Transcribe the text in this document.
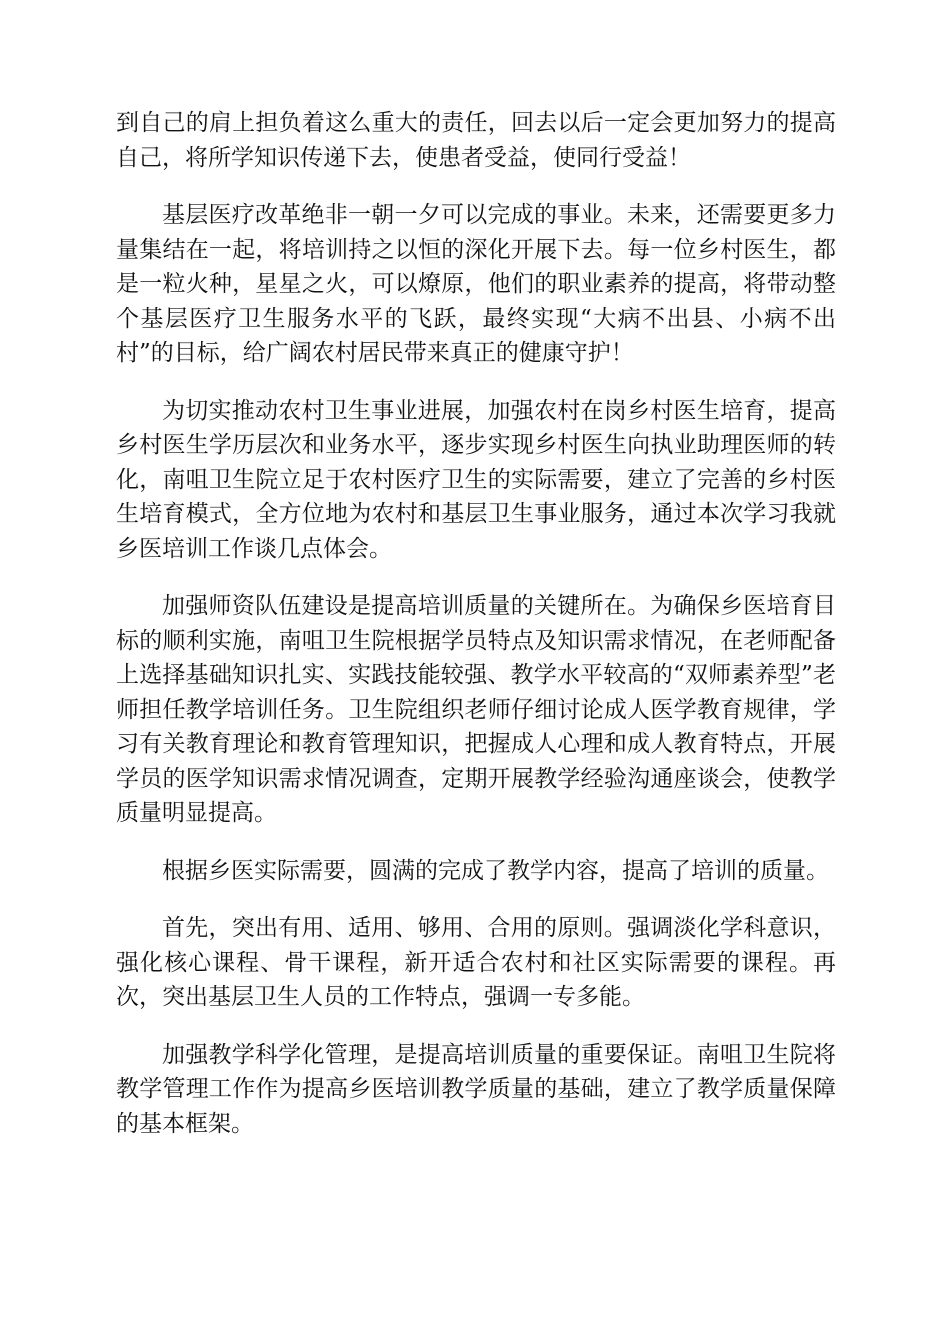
到自己的肩上担负着这么重大的责任，回去以后一定会更加努力的提高自己，将所学知识传递下去，使患者受益，使同行受益！

基层医疗改革绝非一朝一夕可以完成的事业。未来，还需要更多力量集结在一起，将培训持之以恒的深化开展下去。每一位乡村医生，都是一粒火种，星星之火，可以燎原，他们的职业素养的提高，将带动整个基层医疗卫生服务水平的飞跃，最终实现“大病不出县、小病不出村”的目标，给广阔农村居民带来真正的健康守护！

为切实推动农村卫生事业进展，加强农村在岗乡村医生培育，提高乡村医生学历层次和业务水平，逐步实现乡村医生向执业助理医师的转化，南咀卫生院立足于农村医疗卫生的实际需要，建立了完善的乡村医生培育模式，全方位地为农村和基层卫生事业服务，通过本次学习我就乡医培训工作谈几点体会。

加强师资队伍建设是提高培训质量的关键所在。为确保乡医培育目标的顺利实施，南咀卫生院根据学员特点及知识需求情况，在老师配备上选择基础知识扎实、实践技能较强、教学水平较高的“双师素养型”老师担任教学培训任务。卫生院组织老师仔细讨论成人医学教育规律，学习有关教育理论和教育管理知识，把握成人心理和成人教育特点，开展学员的医学知识需求情况调查，定期开展教学经验沟通座谈会，使教学质量明显提高。

根据乡医实际需要，圆满的完成了教学内容，提高了培训的质量。

首先，突出有用、适用、够用、合用的原则。强调淡化学科意识，强化核心课程、骨干课程，新开适合农村和社区实际需要的课程。再次，突出基层卫生人员的工作特点，强调一专多能。

加强教学科学化管理，是提高培训质量的重要保证。南咀卫生院将教学管理工作作为提高乡医培训教学质量的基础，建立了教学质量保障的基本框架。
